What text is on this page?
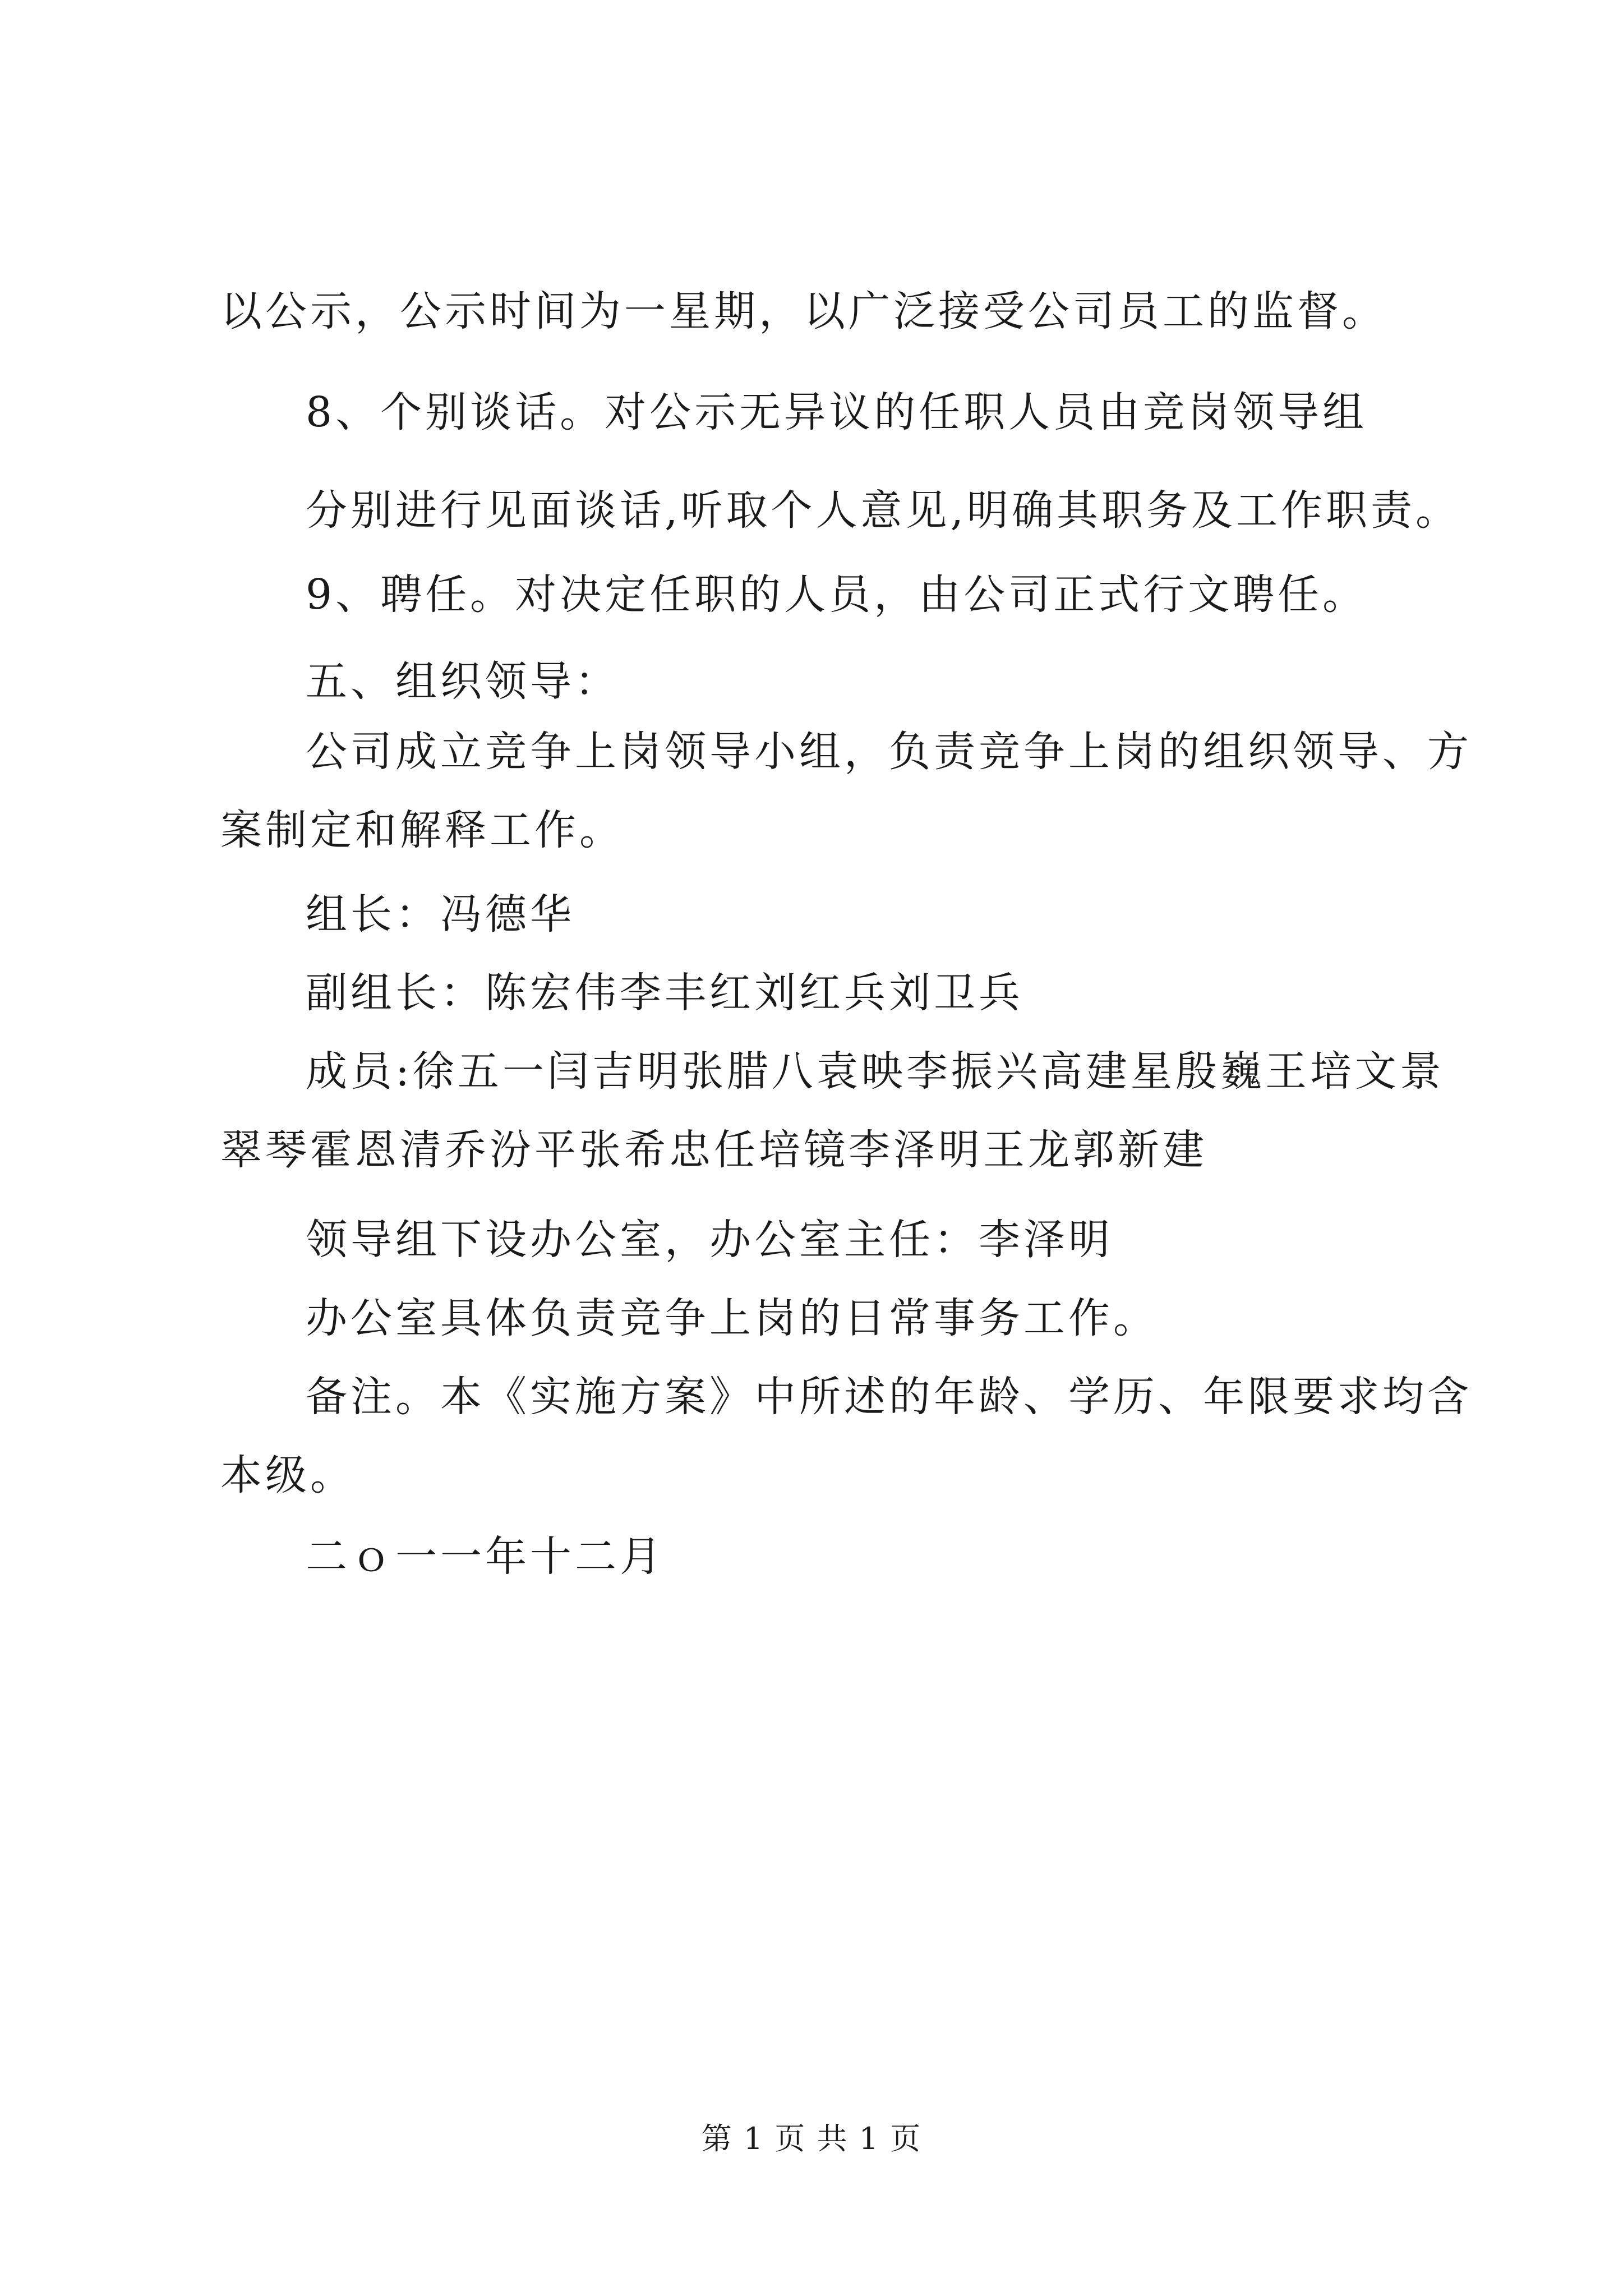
以公示，公示时间为一星期，以广泛接受公司员工的监督。
8、个别谈话。对公示无异议的任职人员由竞岗领导组
分别进行见面谈话,听取个人意见,明确其职务及工作职责。
9、聘任。对决定任职的人员，由公司正式行文聘任。
五、组织领导：
公司成立竞争上岗领导小组，负责竞争上岗的组织领导、方
案制定和解释工作。
组长：冯德华
副组长：陈宏伟李丰红刘红兵刘卫兵
成员:徐五一闫吉明张腊八袁映李振兴高建星殷巍王培文景
翠琴霍恩清乔汾平张希忠任培镜李泽明王龙郭新建
领导组下设办公室，办公室主任：李泽明
办公室具体负责竞争上岗的日常事务工作。
备注。本《实施方案》中所述的年龄、学历、年限要求均含
本级。
二ｏ一一年十二月
第 1 页 共 1 页
